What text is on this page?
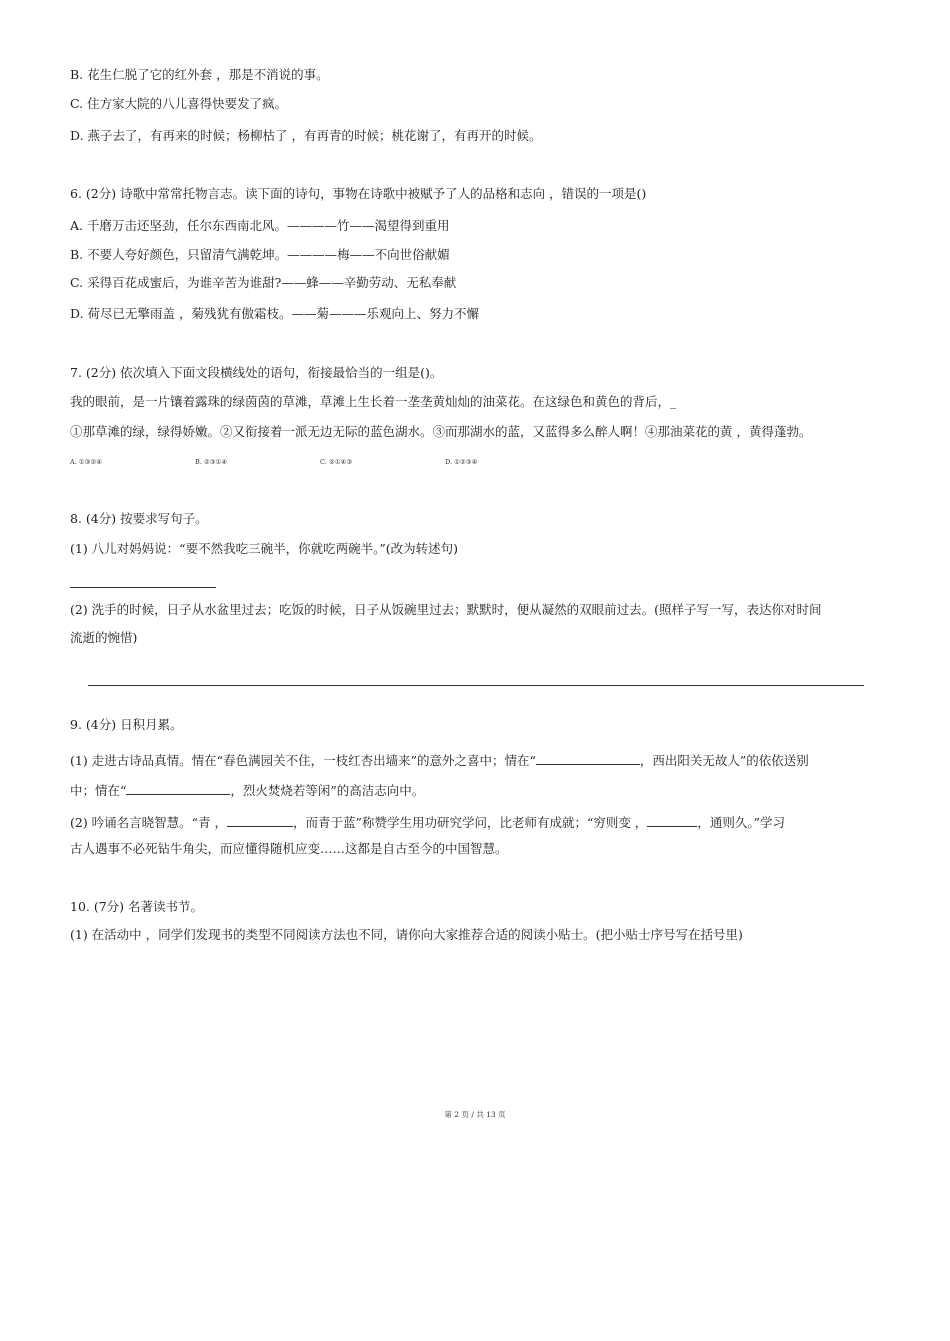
B. 花生仁脱了它的红外套 ，那是不消说的事。
C. 住方家大院的八儿喜得快要发了疯。
D. 燕子去了，有再来的时候；杨柳枯了 ，有再青的时候；桃花谢了，有再开的时候。
6. (2分) 诗歌中常常托物言志。读下面的诗句，事物在诗歌中被赋予了人的品格和志向 ，错误的一项是()
A. 千磨万击还坚劲，任尔东西南北风。————竹——渴望得到重用
B. 不要人夸好颜色，只留清气满乾坤。————梅——不向世俗献媚
C. 采得百花成蜜后，为谁辛苦为谁甜?——蜂——辛勤劳动、无私奉献
D. 荷尽已无擎雨盖 ，菊残犹有傲霜枝。——菊———乐观向上、努力不懈
7. (2分) 依次填入下面文段横线处的语句，衔接最恰当的一组是()。
我的眼前，是一片镶着露珠的绿茵茵的草滩，草滩上生长着一垄垄黄灿灿的油菜花。在这绿色和黄色的背后，_
①那草滩的绿，绿得娇嫩。②又衔接着一派无边无际的蓝色湖水。③而那湖水的蓝，又蓝得多么醉人啊！④那油菜花的黄 ，黄得蓬勃。
A. ①③②④	B. ②③①④	C. ②①④③	D. ①②③④
8. (4分) 按要求写句子。
(1) 八儿对妈妈说：“要不然我吃三碗半，你就吃两碗半。”(改为转述句)
(2) 洗手的时候，日子从水盆里过去；吃饭的时候，日子从饭碗里过去；默默时，便从凝然的双眼前过去。(照样子写一写，表达你对时间
流逝的惋惜)
9. (4分) 日积月累。
(1) 走进古诗品真情。情在“春色满园关不住，一枝红杏出墙来”的意外之喜中；情在“	，西出阳关无故人”的依依送别
中；情在“	，烈火焚烧若等闲”的高洁志向中。
(2) 吟诵名言晓智慧。“青 ，	，而青于蓝”称赞学生用功研究学问，比老师有成就；“穷则变 ，	，通则久。”学习
古人遇事不必死钻牛角尖，而应懂得随机应变……这都是自古至今的中国智慧。
10. (7分) 名著读书节。
(1) 在活动中 ，同学们发现书的类型不同阅读方法也不同，请你向大家推荐合适的阅读小贴士。(把小贴士序号写在括号里)
第 2 页 / 共 13 页
